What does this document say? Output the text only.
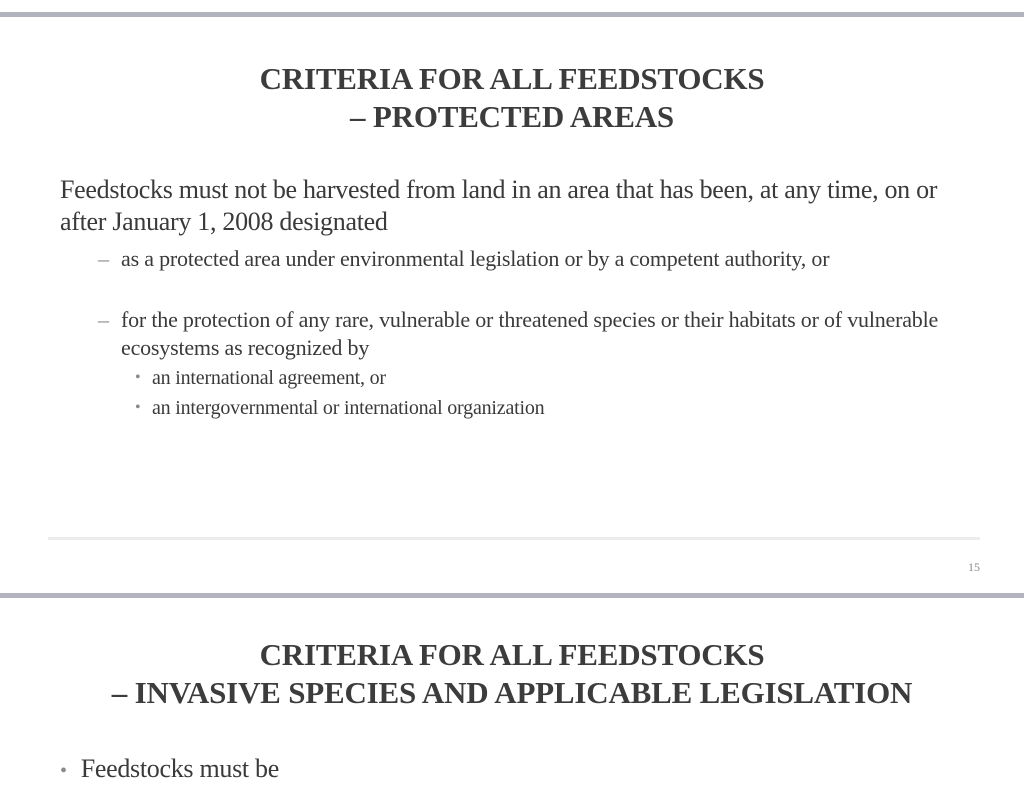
CRITERIA FOR ALL FEEDSTOCKS
– PROTECTED AREAS
Feedstocks must not be harvested from land in an area that has been, at any time, on or after January 1, 2008 designated
– as a protected area under environmental legislation or by a competent authority, or
– for the protection of any rare, vulnerable or threatened species or their habitats or of vulnerable ecosystems as recognized by
• an international agreement, or
• an intergovernmental or international organization
15
CRITERIA FOR ALL FEEDSTOCKS
– INVASIVE SPECIES AND APPLICABLE LEGISLATION
• Feedstocks must be
